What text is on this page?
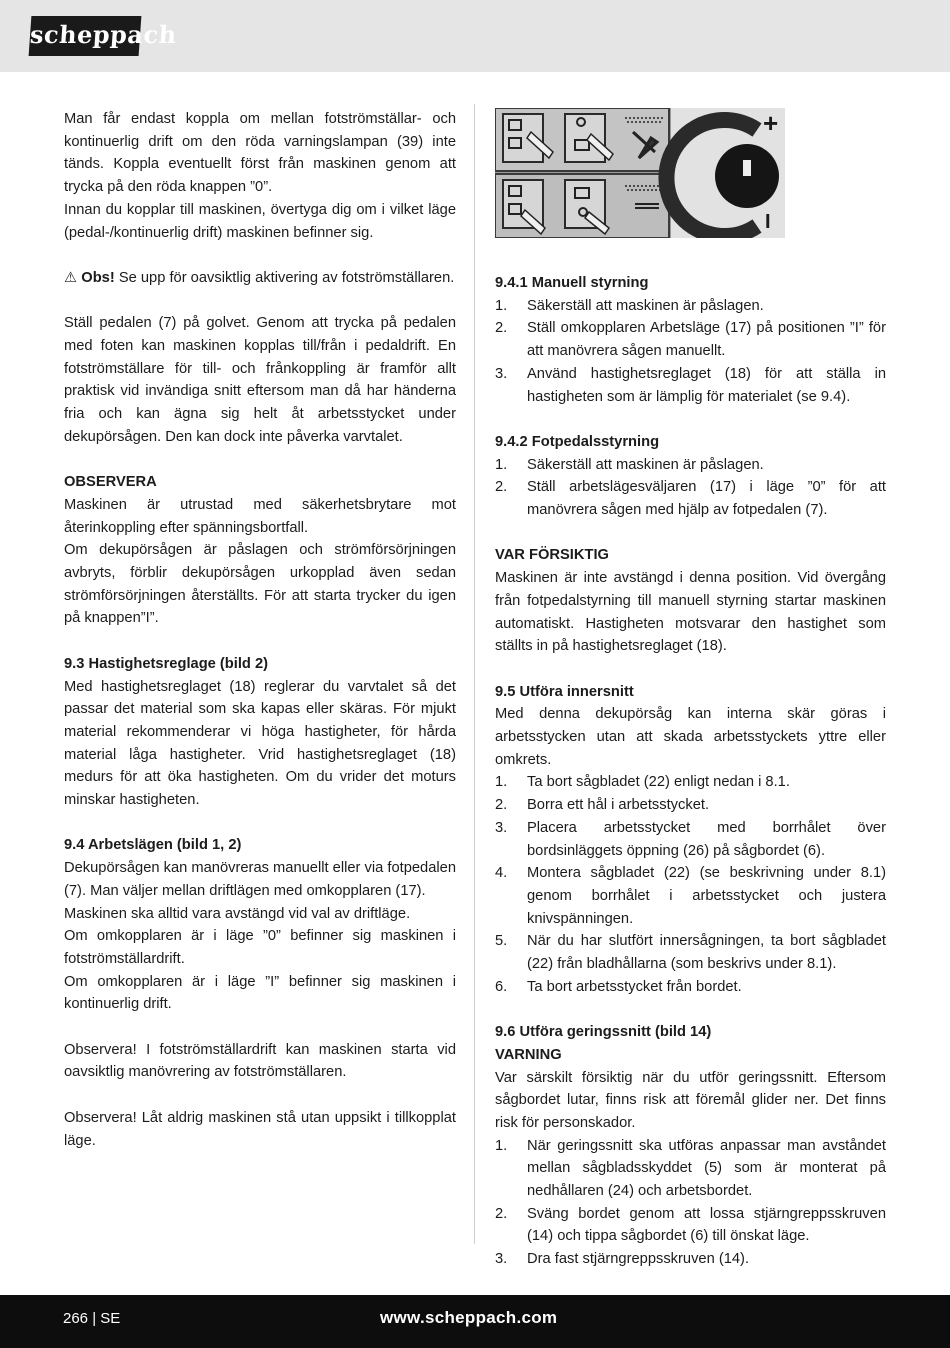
scheppach

Man får endast koppla om mellan fotströmställar- och kontinuerlig drift om den röda varningslampan (39) inte tänds. Koppla eventuellt först från maskinen genom att trycka på den röda knappen ”0”.

Innan du kopplar till maskinen, övertyga dig om i vilket läge (pedal-/kontinuerlig drift) maskinen befinner sig.

⚠ Obs! Se upp för oavsiktlig aktivering av fotströmställaren.

Ställ pedalen (7) på golvet. Genom att trycka på pedalen med foten kan maskinen kopplas till/från i pedaldrift. En fotströmställare för till- och frånkoppling är framför allt praktisk vid invändiga snitt eftersom man då har händerna fria och kan ägna sig helt åt arbetsstycket under dekupörsågen. Den kan dock inte påverka varvtalet.

OBSERVERA

Maskinen är utrustad med säkerhetsbrytare mot återinkoppling efter spänningsbortfall.

Om dekupörsågen är påslagen och strömförsörjningen avbryts, förblir dekupörsågen urkopplad även sedan strömförsörjningen återställts. För att starta trycker du igen på knappen”I”.

9.3 Hastighetsreglage (bild 2)

Med hastighetsreglaget (18) reglerar du varvtalet så det passar det material som ska kapas eller skäras. För mjukt material rekommenderar vi höga hastigheter, för hårda material låga hastigheter. Vrid hastighetsreglaget (18) medurs för att öka hastigheten. Om du vrider det moturs minskar hastigheten.

9.4 Arbetslägen (bild 1, 2)

Dekupörsågen kan manövreras manuellt eller via fotpedalen (7). Man väljer mellan driftlägen med omkopplaren (17).

Maskinen ska alltid vara avstängd vid val av driftläge.

Om omkopplaren är i läge ”0” befinner sig maskinen i fotströmställardrift.

Om omkopplaren är i läge ”I” befinner sig maskinen i kontinuerlig drift.

Observera! I fotströmställardrift kan maskinen starta vid oavsiktlig manövrering av fotströmställaren.

Observera! Låt aldrig maskinen stå utan uppsikt i tillkopplat läge.

+
I
9.4.1 Manuell styrning
1.	Säkerställ att maskinen är påslagen.
2.	Ställ omkopplaren Arbetsläge (17) på positionen ”I” för att manövrera sågen manuellt.
3.	Använd hastighetsreglaget (18) för att ställa in hastigheten som är lämplig för materialet (se 9.4).
9.4.2 Fotpedalsstyrning
1.	Säkerställ att maskinen är påslagen.
2.	Ställ arbetslägesväljaren (17) i läge ”0” för att manövrera sågen med hjälp av fotpedalen (7).
VAR FÖRSIKTIG

Maskinen är inte avstängd i denna position. Vid övergång från fotpedalstyrning till manuell styrning startar maskinen automatiskt. Hastigheten motsvarar den hastighet som ställts in på hastighetsreglaget (18).

9.5 Utföra innersnitt

Med denna dekupörsåg kan interna skär göras i arbetsstycken utan att skada arbetsstyckets yttre eller omkrets.

1.	Ta bort sågbladet (22) enligt nedan i 8.1.
2.	Borra ett hål i arbetsstycket.
3.	Placera arbetsstycket med borrhålet över bordsinläggets öppning (26) på sågbordet (6).
4.	Montera sågbladet (22) (se beskrivning under 8.1) genom borrhålet i arbetsstycket och justera knivspänningen.
5.	När du har slutfört innersågningen, ta bort sågbladet (22) från bladhållarna (som beskrivs under 8.1).
6.	Ta bort arbetsstycket från bordet.
9.6 Utföra geringssnitt (bild 14)
VARNING

Var särskilt försiktig när du utför geringssnitt. Eftersom sågbordet lutar, finns risk att föremål glider ner. Det finns risk för personskador.

1.	När geringssnitt ska utföras anpassar man avståndet mellan sågbladsskyddet (5) som är monterat på nedhållaren (24) och arbetsbordet.
2.	Sväng bordet genom att lossa stjärngreppsskruven (14) och tippa sågbordet (6) till önskat läge.
3.	Dra fast stjärngreppsskruven (14).
266 | SE	www.scheppach.com
